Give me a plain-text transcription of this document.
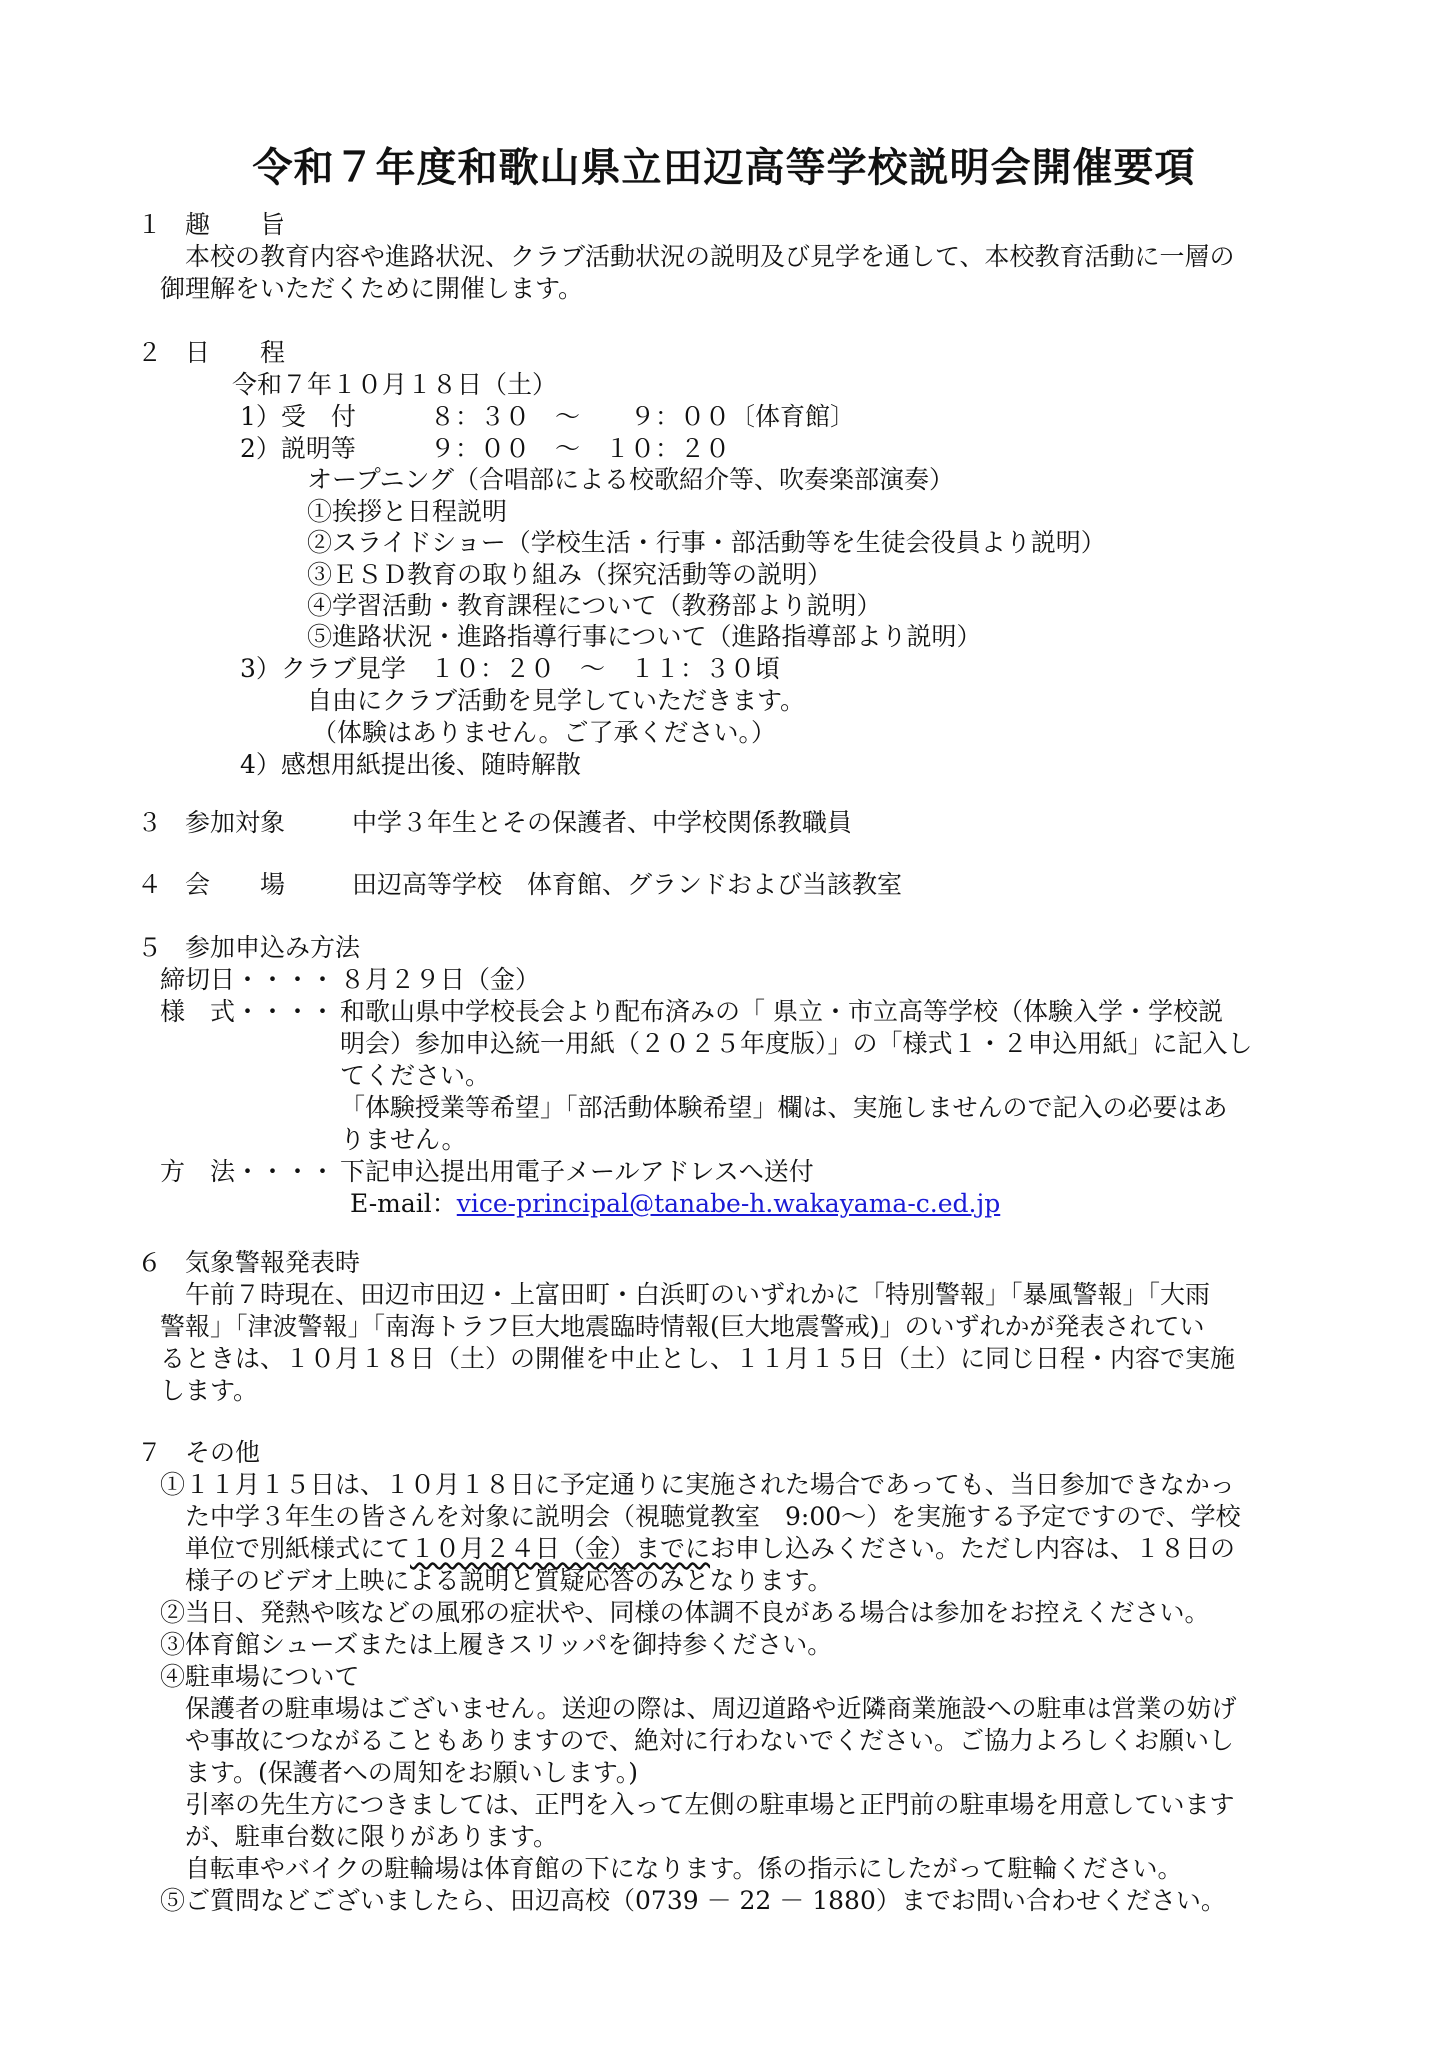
令和７年度和歌山県立田辺高等学校説明会開催要項
１ 趣　　旨
本校の教育内容や進路状況、クラブ活動状況の説明及び見学を通して、本校教育活動に一層の
御理解をいただくために開催します。
２ 日　　程
令和７年１０月１８日（土）
1）受　付	８：３０　～　　９：００〔体育館〕
2）説明等	９：００　～　１０：２０
オープニング（合唱部による校歌紹介等、吹奏楽部演奏）
①挨拶と日程説明
②スライドショー（学校生活・行事・部活動等を生徒会役員より説明）
③ＥＳＤ教育の取り組み（探究活動等の説明）
④学習活動・教育課程について（教務部より説明）
⑤進路状況・進路指導行事について（進路指導部より説明）
3）クラブ見学 １０：２０　～　１１：３０頃
自由にクラブ活動を見学していただきます。
（体験はありません。ご了承ください。）
4）感想用紙提出後、随時解散
３ 参加対象	中学３年生とその保護者、中学校関係教職員
４ 会　　場	田辺高等学校　体育館、グランドおよび当該教室
５ 参加申込み方法
締切日・・・・ ８月２９日（金）
様　式・・・・ 和歌山県中学校長会より配布済みの「 県立・市立高等学校（体験入学・学校説
明会）参加申込統一用紙（２０２５年度版）」の「様式１・２申込用紙」に記入し
てください。
「体験授業等希望」「部活動体験希望」欄は、実施しませんので記入の必要はあ
りません。
方　法・・・・ 下記申込提出用電子メールアドレスへ送付
E-mail：vice-principal@tanabe-h.wakayama-c.ed.jp
６ 気象警報発表時
午前７時現在、田辺市田辺・上富田町・白浜町のいずれかに「特別警報」「暴風警報」「大雨
警報」「津波警報」「南海トラフ巨大地震臨時情報(巨大地震警戒)」のいずれかが発表されてい
るときは、１０月１８日（土）の開催を中止とし、１１月１５日（土）に同じ日程・内容で実施
します。
７ その他
①１１月１５日は、１０月１８日に予定通りに実施された場合であっても、当日参加できなかっ
た中学３年生の皆さんを対象に説明会（視聴覚教室　9:00～）を実施する予定ですので、学校
単位で別紙様式にて１０月２４日（金）までにお申し込みください。ただし内容は、１８日の
様子のビデオ上映による説明と質疑応答のみとなります。
②当日、発熱や咳などの風邪の症状や、同様の体調不良がある場合は参加をお控えください。
③体育館シューズまたは上履きスリッパを御持参ください。
④駐車場について
保護者の駐車場はございません。送迎の際は、周辺道路や近隣商業施設への駐車は営業の妨げ
や事故につながることもありますので、絶対に行わないでください。ご協力よろしくお願いし
ます。(保護者への周知をお願いします。)
引率の先生方につきましては、正門を入って左側の駐車場と正門前の駐車場を用意しています
が、駐車台数に限りがあります。
自転車やバイクの駐輪場は体育館の下になります。係の指示にしたがって駐輪ください。
⑤ご質問などございましたら、田辺高校（0739 － 22 － 1880）までお問い合わせください。
